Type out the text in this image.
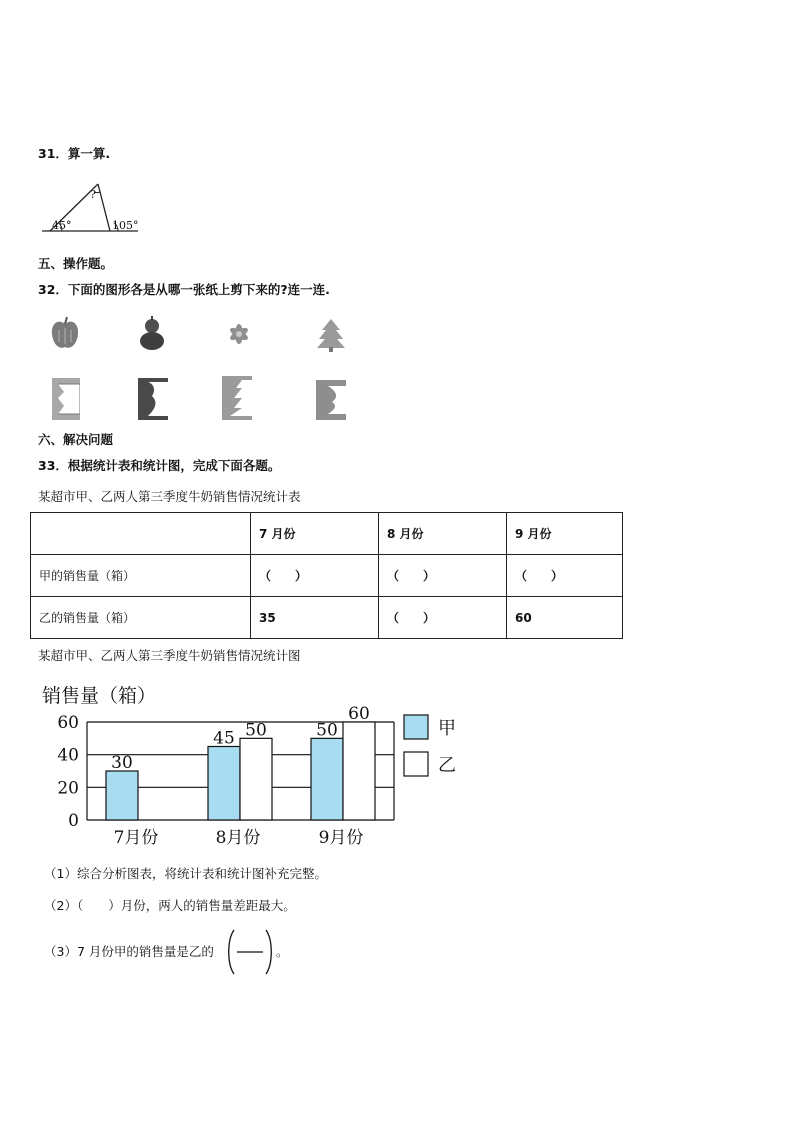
31．算一算.
45°
?
105°
五、操作题。
32．下面的图形各是从哪一张纸上剪下来的?连一连.
六、解决问题
33．根据统计表和统计图，完成下面各题。
某超市甲、乙两人第三季度牛奶销售情况统计表
	7 月份	8 月份	9 月份
甲的销售量（箱）	（　　）	（　　）	（　　）
乙的销售量（箱）	35	（　　）	60
某超市甲、乙两人第三季度牛奶销售情况统计图
销售量（箱）
0
20
40
60
30
7月份
45 50
8月份
50
60
9月份
甲
乙
（1）综合分析图表，将统计表和统计图补充完整。
（2）（　　）月份，两人的销售量差距最大。
（3）7 月份甲的销售量是乙的	。
